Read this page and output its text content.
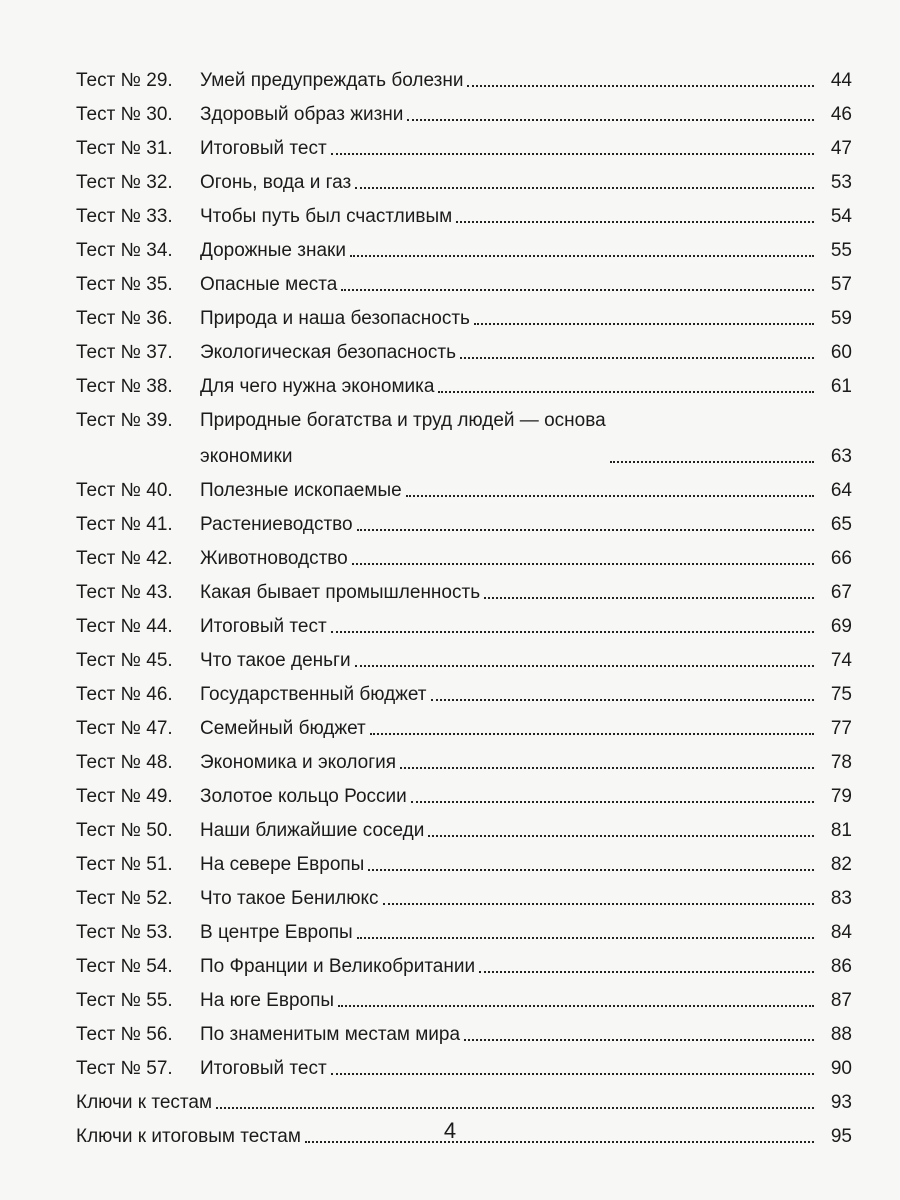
Тест № 29.	Умей предупреждать болезни	44
Тест № 30.	Здоровый образ жизни	46
Тест № 31.	Итоговый тест	47
Тест № 32.	Огонь, вода и газ	53
Тест № 33.	Чтобы путь был счастливым	54
Тест № 34.	Дорожные знаки	55
Тест № 35.	Опасные места	57
Тест № 36.	Природа и наша безопасность	59
Тест № 37.	Экологическая безопасность	60
Тест № 38.	Для чего нужна экономика	61
Тест № 39.	Природные богатства и труд людей — основа
экономики	63
Тест № 40.	Полезные ископаемые	64
Тест № 41.	Растениеводство	65
Тест № 42.	Животноводство	66
Тест № 43.	Какая бывает промышленность	67
Тест № 44.	Итоговый тест	69
Тест № 45.	Что такое деньги	74
Тест № 46.	Государственный бюджет	75
Тест № 47.	Семейный бюджет	77
Тест № 48.	Экономика и экология	78
Тест № 49.	Золотое кольцо России	79
Тест № 50.	Наши ближайшие соседи	81
Тест № 51.	На севере Европы	82
Тест № 52.	Что такое Бенилюкс	83
Тест № 53.	В центре Европы	84
Тест № 54.	По Франции и Великобритании	86
Тест № 55.	На юге Европы	87
Тест № 56.	По знаменитым местам мира	88
Тест № 57.	Итоговый тест	90
Ключи к тестам	93
Ключи к итоговым тестам	95
4
